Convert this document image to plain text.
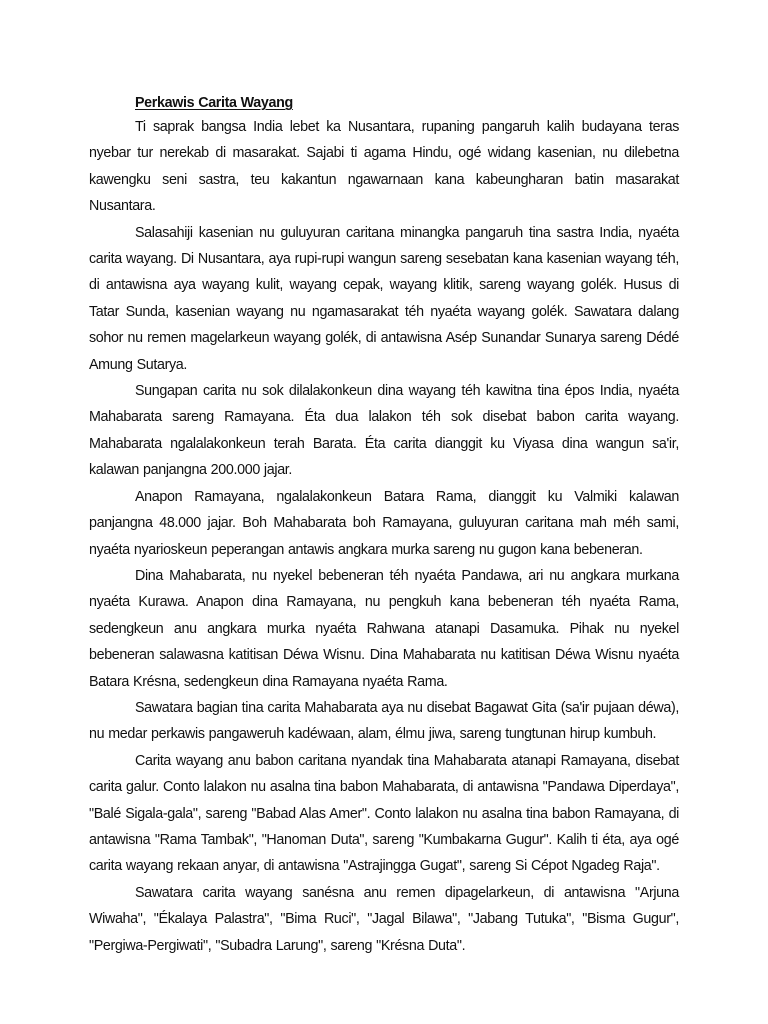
Perkawis Carita Wayang

Ti saprak bangsa India lebet ka Nusantara, rupaning pangaruh kalih budayana teras nyebar tur nerekab di masarakat. Sajabi ti agama Hindu, ogé widang kasenian, nu dilebetna kawengku seni sastra, teu kakantun ngawarnaan kana kabeungharan batin masarakat Nusantara.

Salasahiji kasenian nu guluyuran caritana minangka pangaruh tina sastra India, nyaéta carita wayang. Di Nusantara, aya rupi-rupi wangun sareng sesebatan kana kasenian wayang téh, di antawisna aya wayang kulit, wayang cepak, wayang klitik, sareng wayang golék. Husus di Tatar Sunda, kasenian wayang nu ngamasarakat téh nyaéta wayang golék. Sawatara dalang sohor nu remen magelarkeun wayang golék, di antawisna Asép Sunandar Sunarya sareng Dédé Amung Sutarya.

Sungapan carita nu sok dilalakonkeun dina wayang téh kawitna tina épos India, nyaéta Mahabarata sareng Ramayana. Éta dua lalakon téh sok disebat babon carita wayang. Mahabarata ngalalakonkeun terah Barata. Éta carita dianggit ku Viyasa dina wangun sa'ir, kalawan panjangna 200.000 jajar.

Anapon Ramayana, ngalalakonkeun Batara Rama, dianggit ku Valmiki kalawan panjangna 48.000 jajar. Boh Mahabarata boh Ramayana, guluyuran caritana mah méh sami, nyaéta nyarioskeun peperangan antawis angkara murka sareng nu gugon kana bebeneran.

Dina Mahabarata, nu nyekel bebeneran téh nyaéta Pandawa, ari nu angkara murkana nyaéta Kurawa. Anapon dina Ramayana, nu pengkuh kana bebeneran téh nyaéta Rama, sedengkeun anu angkara murka nyaéta Rahwana atanapi Dasamuka. Pihak nu nyekel bebeneran salawasna katitisan Déwa Wisnu. Dina Mahabarata nu katitisan Déwa Wisnu nyaéta Batara Krésna, sedengkeun dina Ramayana nyaéta Rama.

Sawatara bagian tina carita Mahabarata aya nu disebat Bagawat Gita (sa'ir pujaan déwa), nu medar perkawis pangaweruh kadéwaan, alam, élmu jiwa, sareng tungtunan hirup kumbuh.

Carita wayang anu babon caritana nyandak tina Mahabarata atanapi Ramayana, disebat carita galur. Conto lalakon nu asalna tina babon Mahabarata, di antawisna "Pandawa Diperdaya", "Balé Sigala-gala", sareng "Babad Alas Amer". Conto lalakon nu asalna tina babon Ramayana, di antawisna "Rama Tambak", "Hanoman Duta", sareng "Kumbakarna Gugur". Kalih ti éta, aya ogé carita wayang rekaan anyar, di antawisna "Astrajingga Gugat", sareng Si Cépot Ngadeg Raja".

Sawatara carita wayang sanésna anu remen dipagelarkeun, di antawisna "Arjuna Wiwaha", "Ékalaya Palastra", "Bima Ruci", "Jagal Bilawa", "Jabang Tutuka", "Bisma Gugur", "Pergiwa-Pergiwati", "Subadra Larung", sareng "Krésna Duta".
